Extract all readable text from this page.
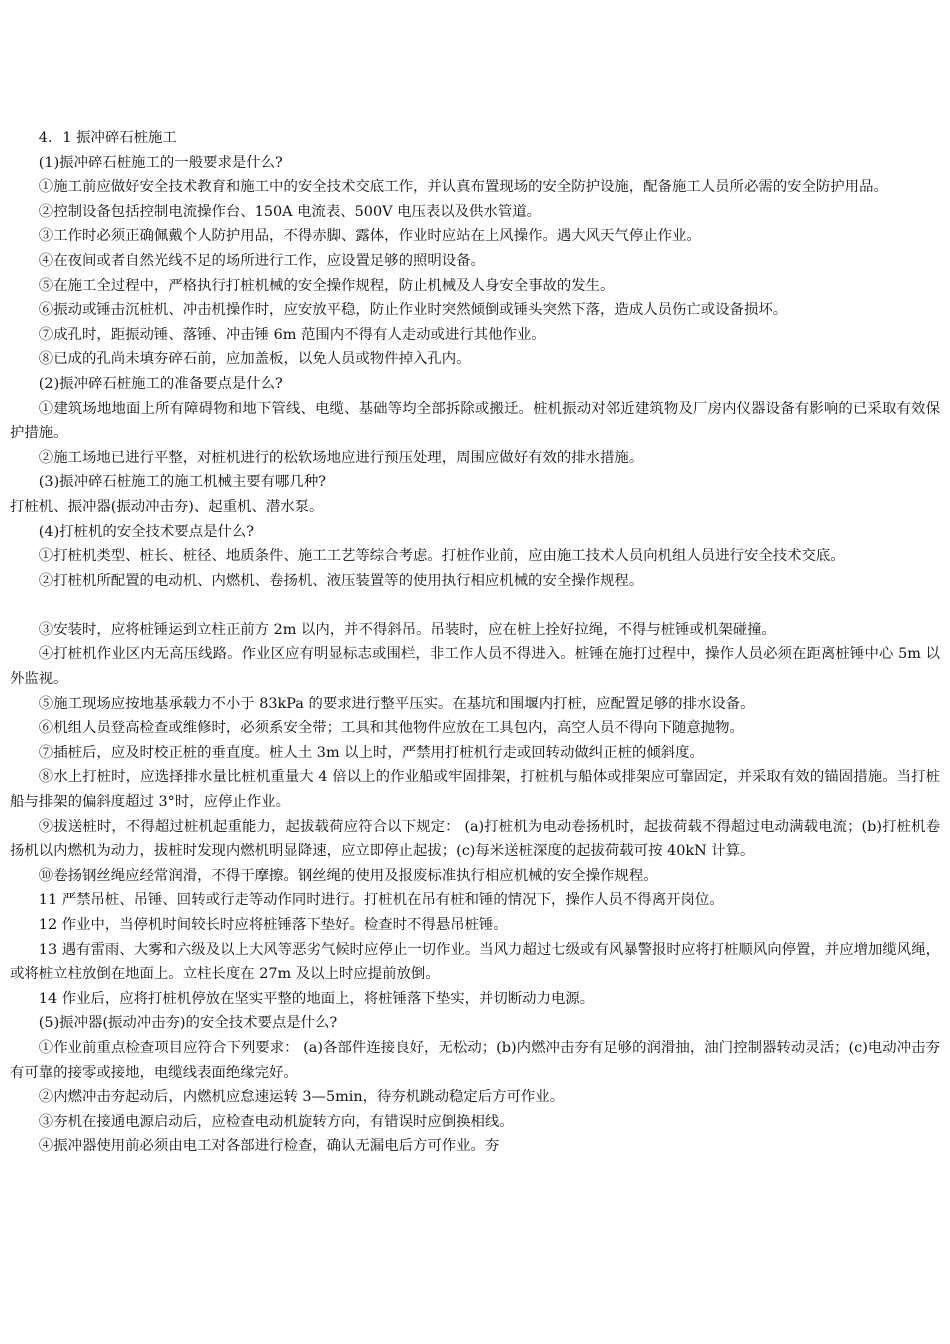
4．1 振冲碎石桩施工

(1)振冲碎石桩施工的一般要求是什么?

①施工前应做好安全技术教育和施工中的安全技术交底工作，并认真布置现场的安全防护设施，配备施工人员所必需的安全防护用品。

②控制设备包括控制电流操作台、150A 电流表、500V 电压表以及供水管道。

③工作时必须正确佩戴个人防护用品，不得赤脚、露体，作业时应站在上风操作。遇大风天气停止作业。

④在夜间或者自然光线不足的场所进行工作，应设置足够的照明设备。

⑤在施工全过程中，严格执行打桩机械的安全操作规程，防止机械及人身安全事故的发生。

⑥振动或锤击沉桩机、冲击机操作时，应安放平稳，防止作业时突然倾倒或锤头突然下落，造成人员伤亡或设备损坏。

⑦成孔时，距振动锤、落锤、冲击锤 6m 范围内不得有人走动或进行其他作业。

⑧已成的孔尚未填夯碎石前，应加盖板，以免人员或物件掉入孔内。

(2)振冲碎石桩施工的准备要点是什么?

①建筑场地地面上所有障碍物和地下管线、电缆、基础等均全部拆除或搬迁。桩机振动对邻近建筑物及厂房内仪器设备有影响的已采取有效保护措施。

②施工场地已进行平整，对桩机进行的松软场地应进行预压处理，周围应做好有效的排水措施。

(3)振冲碎石桩施工的施工机械主要有哪几种?

打桩机、振冲器(振动冲击夯)、起重机、潜水泵。

(4)打桩机的安全技术要点是什么?

①打桩机类型、桩长、桩径、地质条件、施工工艺等综合考虑。打桩作业前，应由施工技术人员向机组人员进行安全技术交底。

②打桩机所配置的电动机、内燃机、卷扬机、液压装置等的使用执行相应机械的安全操作规程。

③安装时，应将桩锤运到立柱正前方 2m 以内，并不得斜吊。吊装时，应在桩上拴好拉绳，不得与桩锤或机架碰撞。

④打桩机作业区内无高压线路。作业区应有明显标志或围栏，非工作人员不得进入。桩锤在施打过程中，操作人员必须在距离桩锤中心 5m 以外监视。

⑤施工现场应按地基承载力不小于 83kPa 的要求进行整平压实。在基坑和围堰内打桩，应配置足够的排水设备。

⑥机组人员登高检查或维修时，必须系安全带；工具和其他物件应放在工具包内，高空人员不得向下随意抛物。

⑦插桩后，应及时校正桩的垂直度。桩人土 3m 以上时，严禁用打桩机行走或回转动做纠正桩的倾斜度。

⑧水上打桩时，应选择排水量比桩机重量大 4 倍以上的作业船或牢固排架，打桩机与船体或排架应可靠固定，并采取有效的锚固措施。当打桩船与排架的偏斜度超过 3°时，应停止作业。

⑨拔送桩时，不得超过桩机起重能力，起拔载荷应符合以下规定： (a)打桩机为电动卷扬机时，起拔荷载不得超过电动满载电流；(b)打桩机卷扬机以内燃机为动力，拔桩时发现内燃机明显降速，应立即停止起拔；(c)每米送桩深度的起拔荷载可按 40kN 计算。

⑩卷扬钢丝绳应经常润滑，不得干摩擦。钢丝绳的使用及报废标准执行相应机械的安全操作规程。

11 严禁吊桩、吊锤、回转或行走等动作同时进行。打桩机在吊有桩和锤的情况下，操作人员不得离开岗位。

12 作业中，当停机时间较长时应将桩锤落下垫好。检查时不得悬吊桩锤。

13 遇有雷雨、大雾和六级及以上大风等恶劣气候时应停止一切作业。当风力超过七级或有风暴警报时应将打桩顺风向停置，并应增加缆风绳，或将桩立柱放倒在地面上。立柱长度在 27m 及以上时应提前放倒。

14 作业后，应将打桩机停放在坚实平整的地面上，将桩锤落下垫实，并切断动力电源。

(5)振冲器(振动冲击夯)的安全技术要点是什么?

①作业前重点检查项目应符合下列要求： (a)各部件连接良好，无松动；(b)内燃冲击夯有足够的润滑抽，油门控制器转动灵活；(c)电动冲击夯有可靠的接零或接地，电缆线表面绝缘完好。

②内燃冲击夯起动后，内燃机应怠速运转 3—5min，待夯机跳动稳定后方可作业。

③夯机在接通电源启动后，应检查电动机旋转方向，有错误时应倒换相线。

④振冲器使用前必须由电工对各部进行检查，确认无漏电后方可作业。夯
